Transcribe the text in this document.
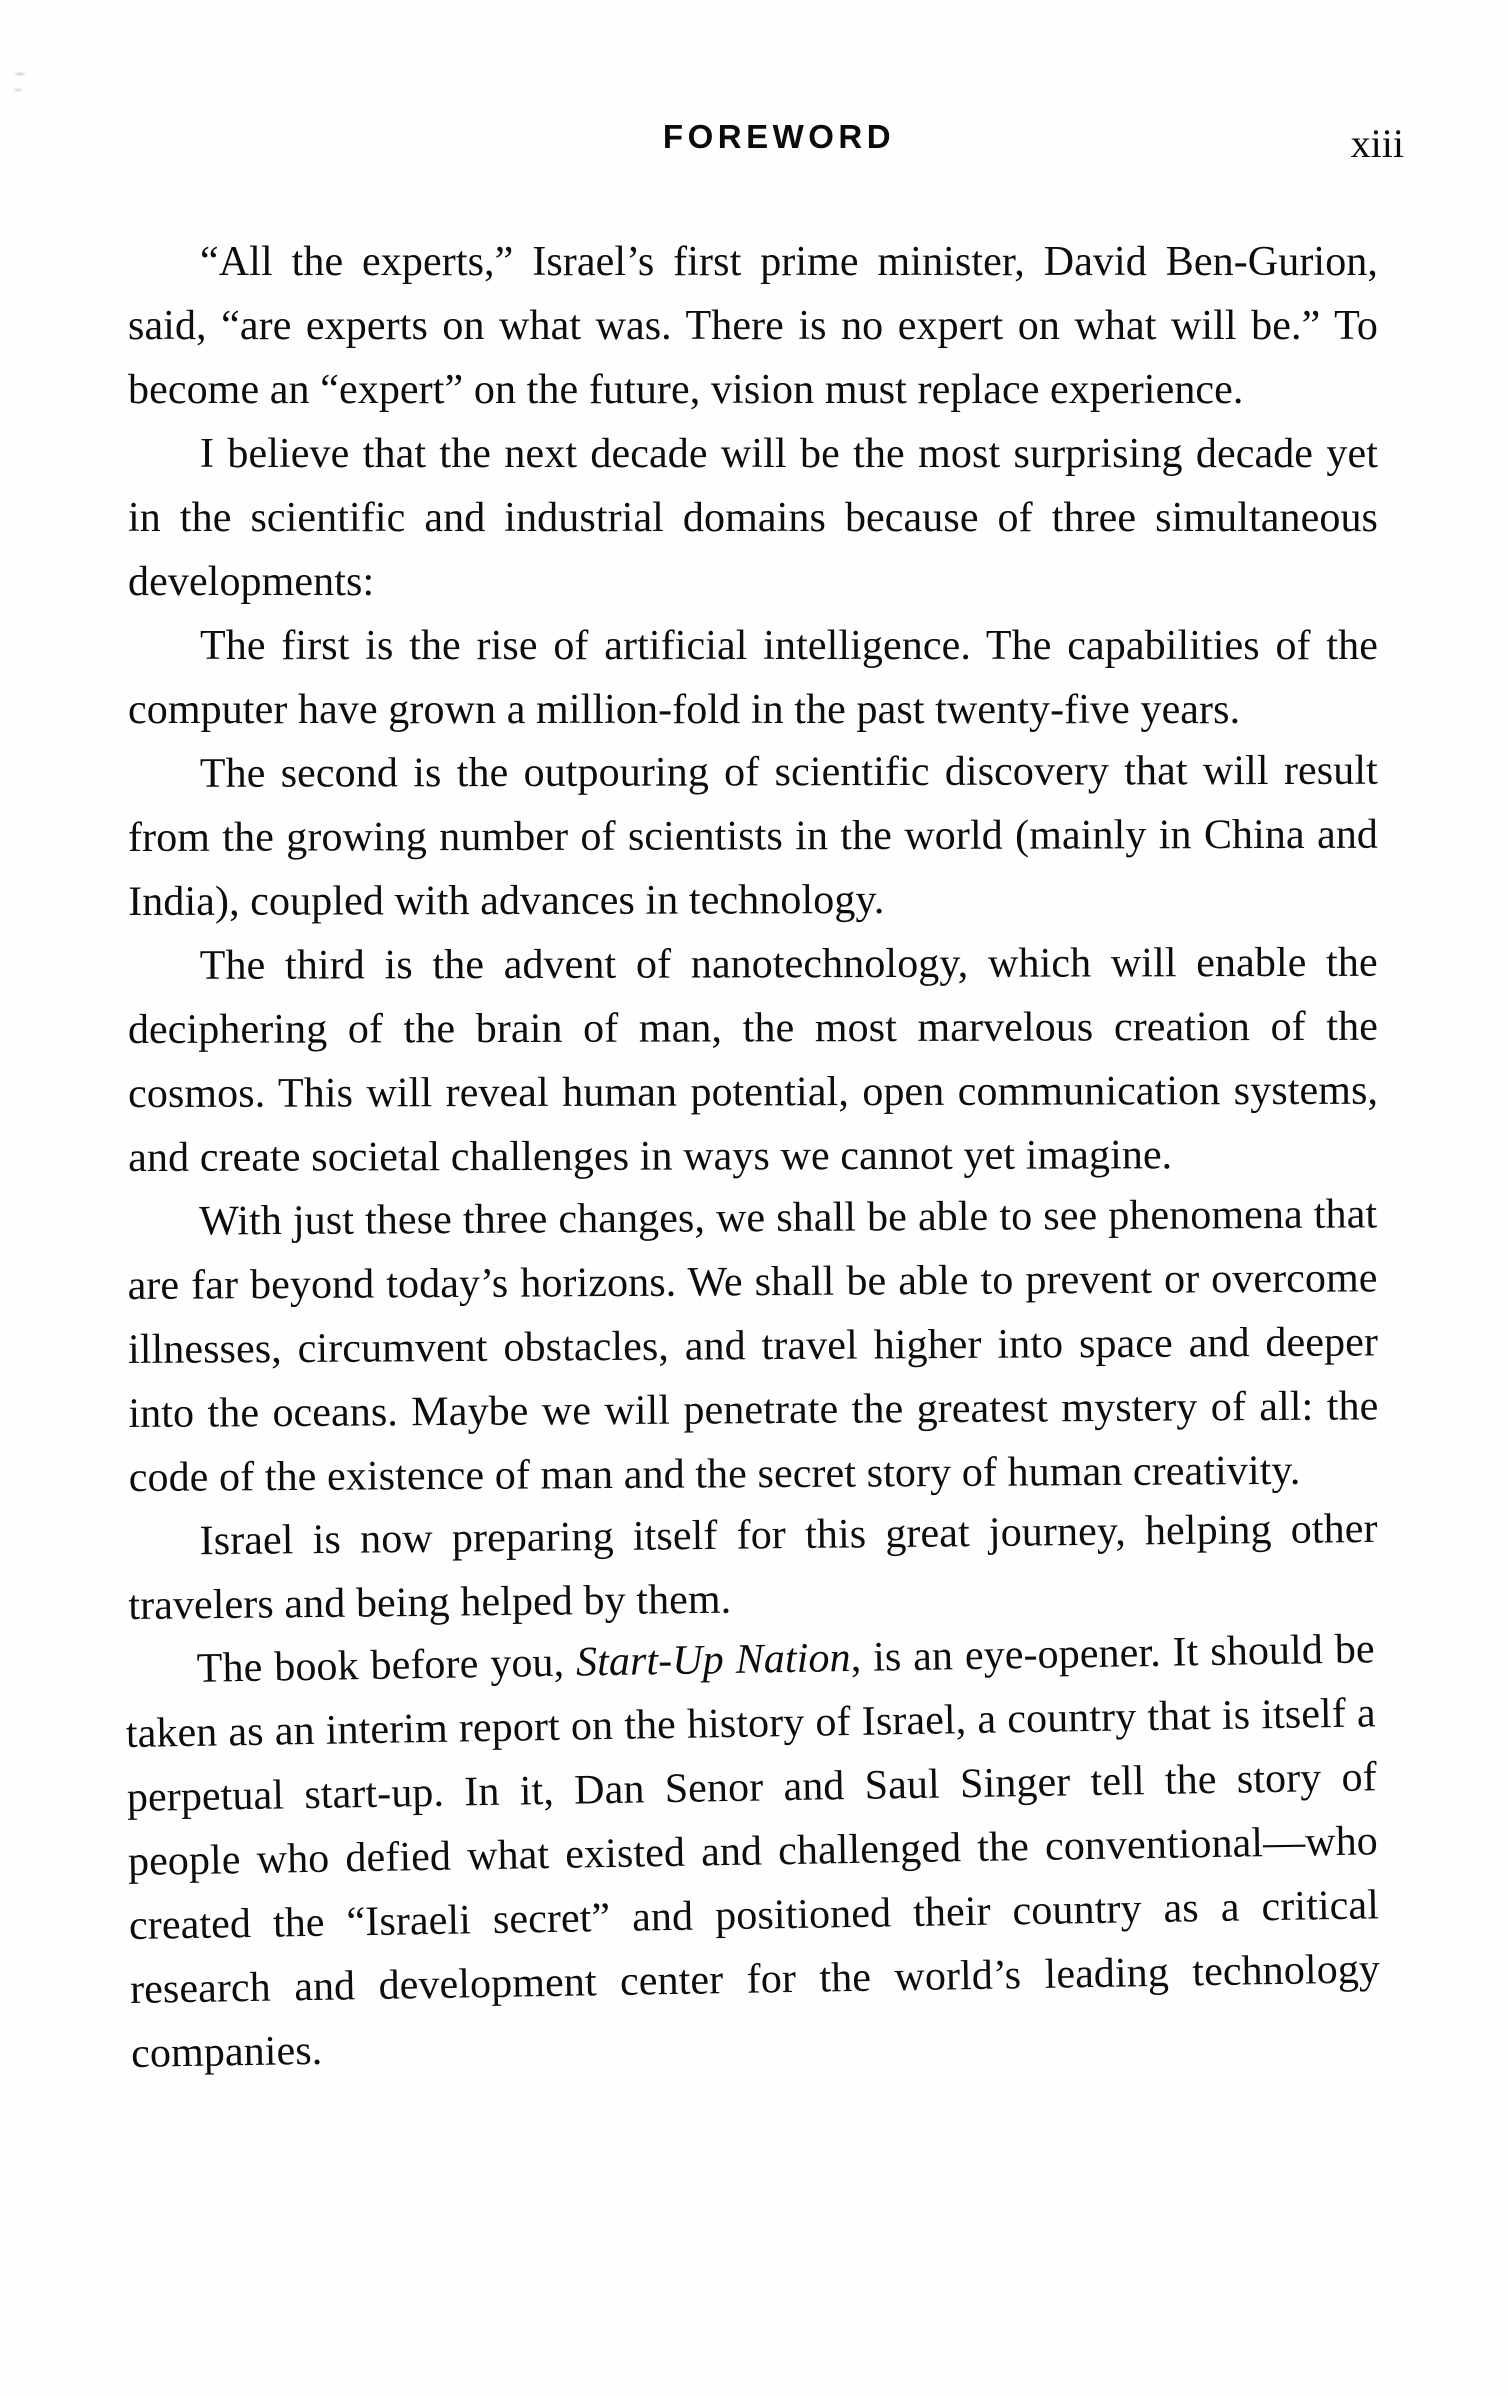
FOREWORD	xiii

“All the experts,” Israel’s first prime minister, David Ben-Gurion, said, “are experts on what was. There is no expert on what will be.” To become an “expert” on the future, vision must replace experience.

I believe that the next decade will be the most surprising decade yet in the scientific and industrial domains because of three simultaneous developments:

The first is the rise of artificial intelligence. The capabilities of the computer have grown a million-fold in the past twenty-five years.

The second is the outpouring of scientific discovery that will result from the growing number of scientists in the world (mainly in China and India), coupled with advances in technology.

The third is the advent of nanotechnology, which will enable the deciphering of the brain of man, the most marvelous creation of the cosmos. This will reveal human potential, open communication systems, and create societal challenges in ways we cannot yet imagine.

With just these three changes, we shall be able to see phenomena that are far beyond today’s horizons. We shall be able to prevent or overcome illnesses, circumvent obstacles, and travel higher into space and deeper into the oceans. Maybe we will penetrate the greatest mystery of all: the code of the existence of man and the secret story of human creativity.

Israel is now preparing itself for this great journey, helping other travelers and being helped by them.

The book before you, Start-Up Nation, is an eye-opener. It should be taken as an interim report on the history of Israel, a country that is itself a perpetual start-up. In it, Dan Senor and Saul Singer tell the story of people who defied what existed and challenged the conventional—who created the “Israeli secret” and positioned their country as a critical research and development center for the world’s leading technology companies.
